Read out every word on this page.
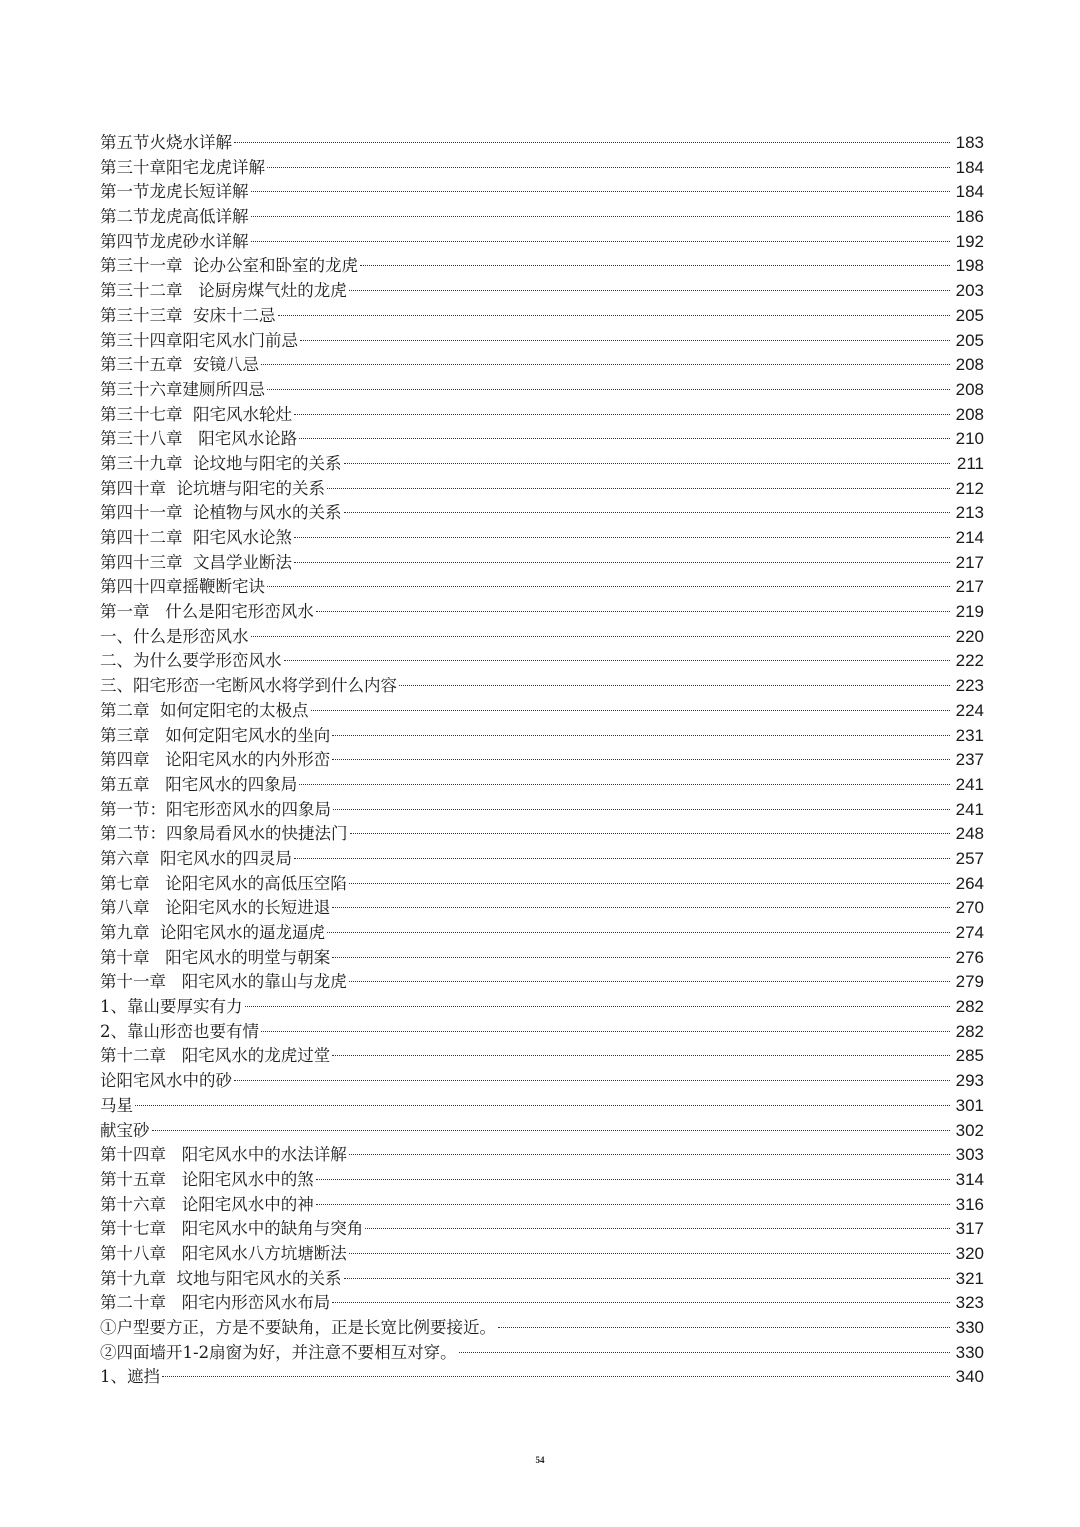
第五节火烧水详解	183
第三十章阳宅龙虎详解	184
第一节龙虎长短详解	184
第二节龙虎高低详解	186
第四节龙虎砂水详解	192
第三十一章  论办公室和卧室的龙虎	198
第三十二章   论厨房煤气灶的龙虎	203
第三十三章  安床十二忌	205
第三十四章阳宅风水门前忌	205
第三十五章  安镜八忌	208
第三十六章建厕所四忌	208
第三十七章  阳宅风水轮灶	208
第三十八章   阳宅风水论路	210
第三十九章  论坟地与阳宅的关系	211
第四十章  论坑塘与阳宅的关系	212
第四十一章  论植物与风水的关系	213
第四十二章  阳宅风水论煞	214
第四十三章  文昌学业断法	217
第四十四章摇鞭断宅诀	217
第一章   什么是阳宅形峦风水	219
一、什么是形峦风水	220
二、为什么要学形峦风水	222
三、阳宅形峦一宅断风水将学到什么内容	223
第二章  如何定阳宅的太极点	224
第三章   如何定阳宅风水的坐向	231
第四章   论阳宅风水的内外形峦	237
第五章   阳宅风水的四象局	241
第一节：阳宅形峦风水的四象局	241
第二节：四象局看风水的快捷法门	248
第六章  阳宅风水的四灵局	257
第七章   论阳宅风水的高低压空陷	264
第八章   论阳宅风水的长短进退	270
第九章  论阳宅风水的逼龙逼虎	274
第十章   阳宅风水的明堂与朝案	276
第十一章   阳宅风水的靠山与龙虎	279
1、靠山要厚实有力	282
2、靠山形峦也要有情	282
第十二章   阳宅风水的龙虎过堂	285
论阳宅风水中的砂	293
马星	301
献宝砂	302
第十四章   阳宅风水中的水法详解	303
第十五章   论阳宅风水中的煞	314
第十六章   论阳宅风水中的神	316
第十七章   阳宅风水中的缺角与突角	317
第十八章   阳宅风水八方坑塘断法	320
第十九章  坟地与阳宅风水的关系	321
第二十章   阳宅内形峦风水布局	323
①户型要方正，方是不要缺角，正是长宽比例要接近。	330
②四面墙开1-2扇窗为好，并注意不要相互对穿。	330
1、遮挡	340
54
